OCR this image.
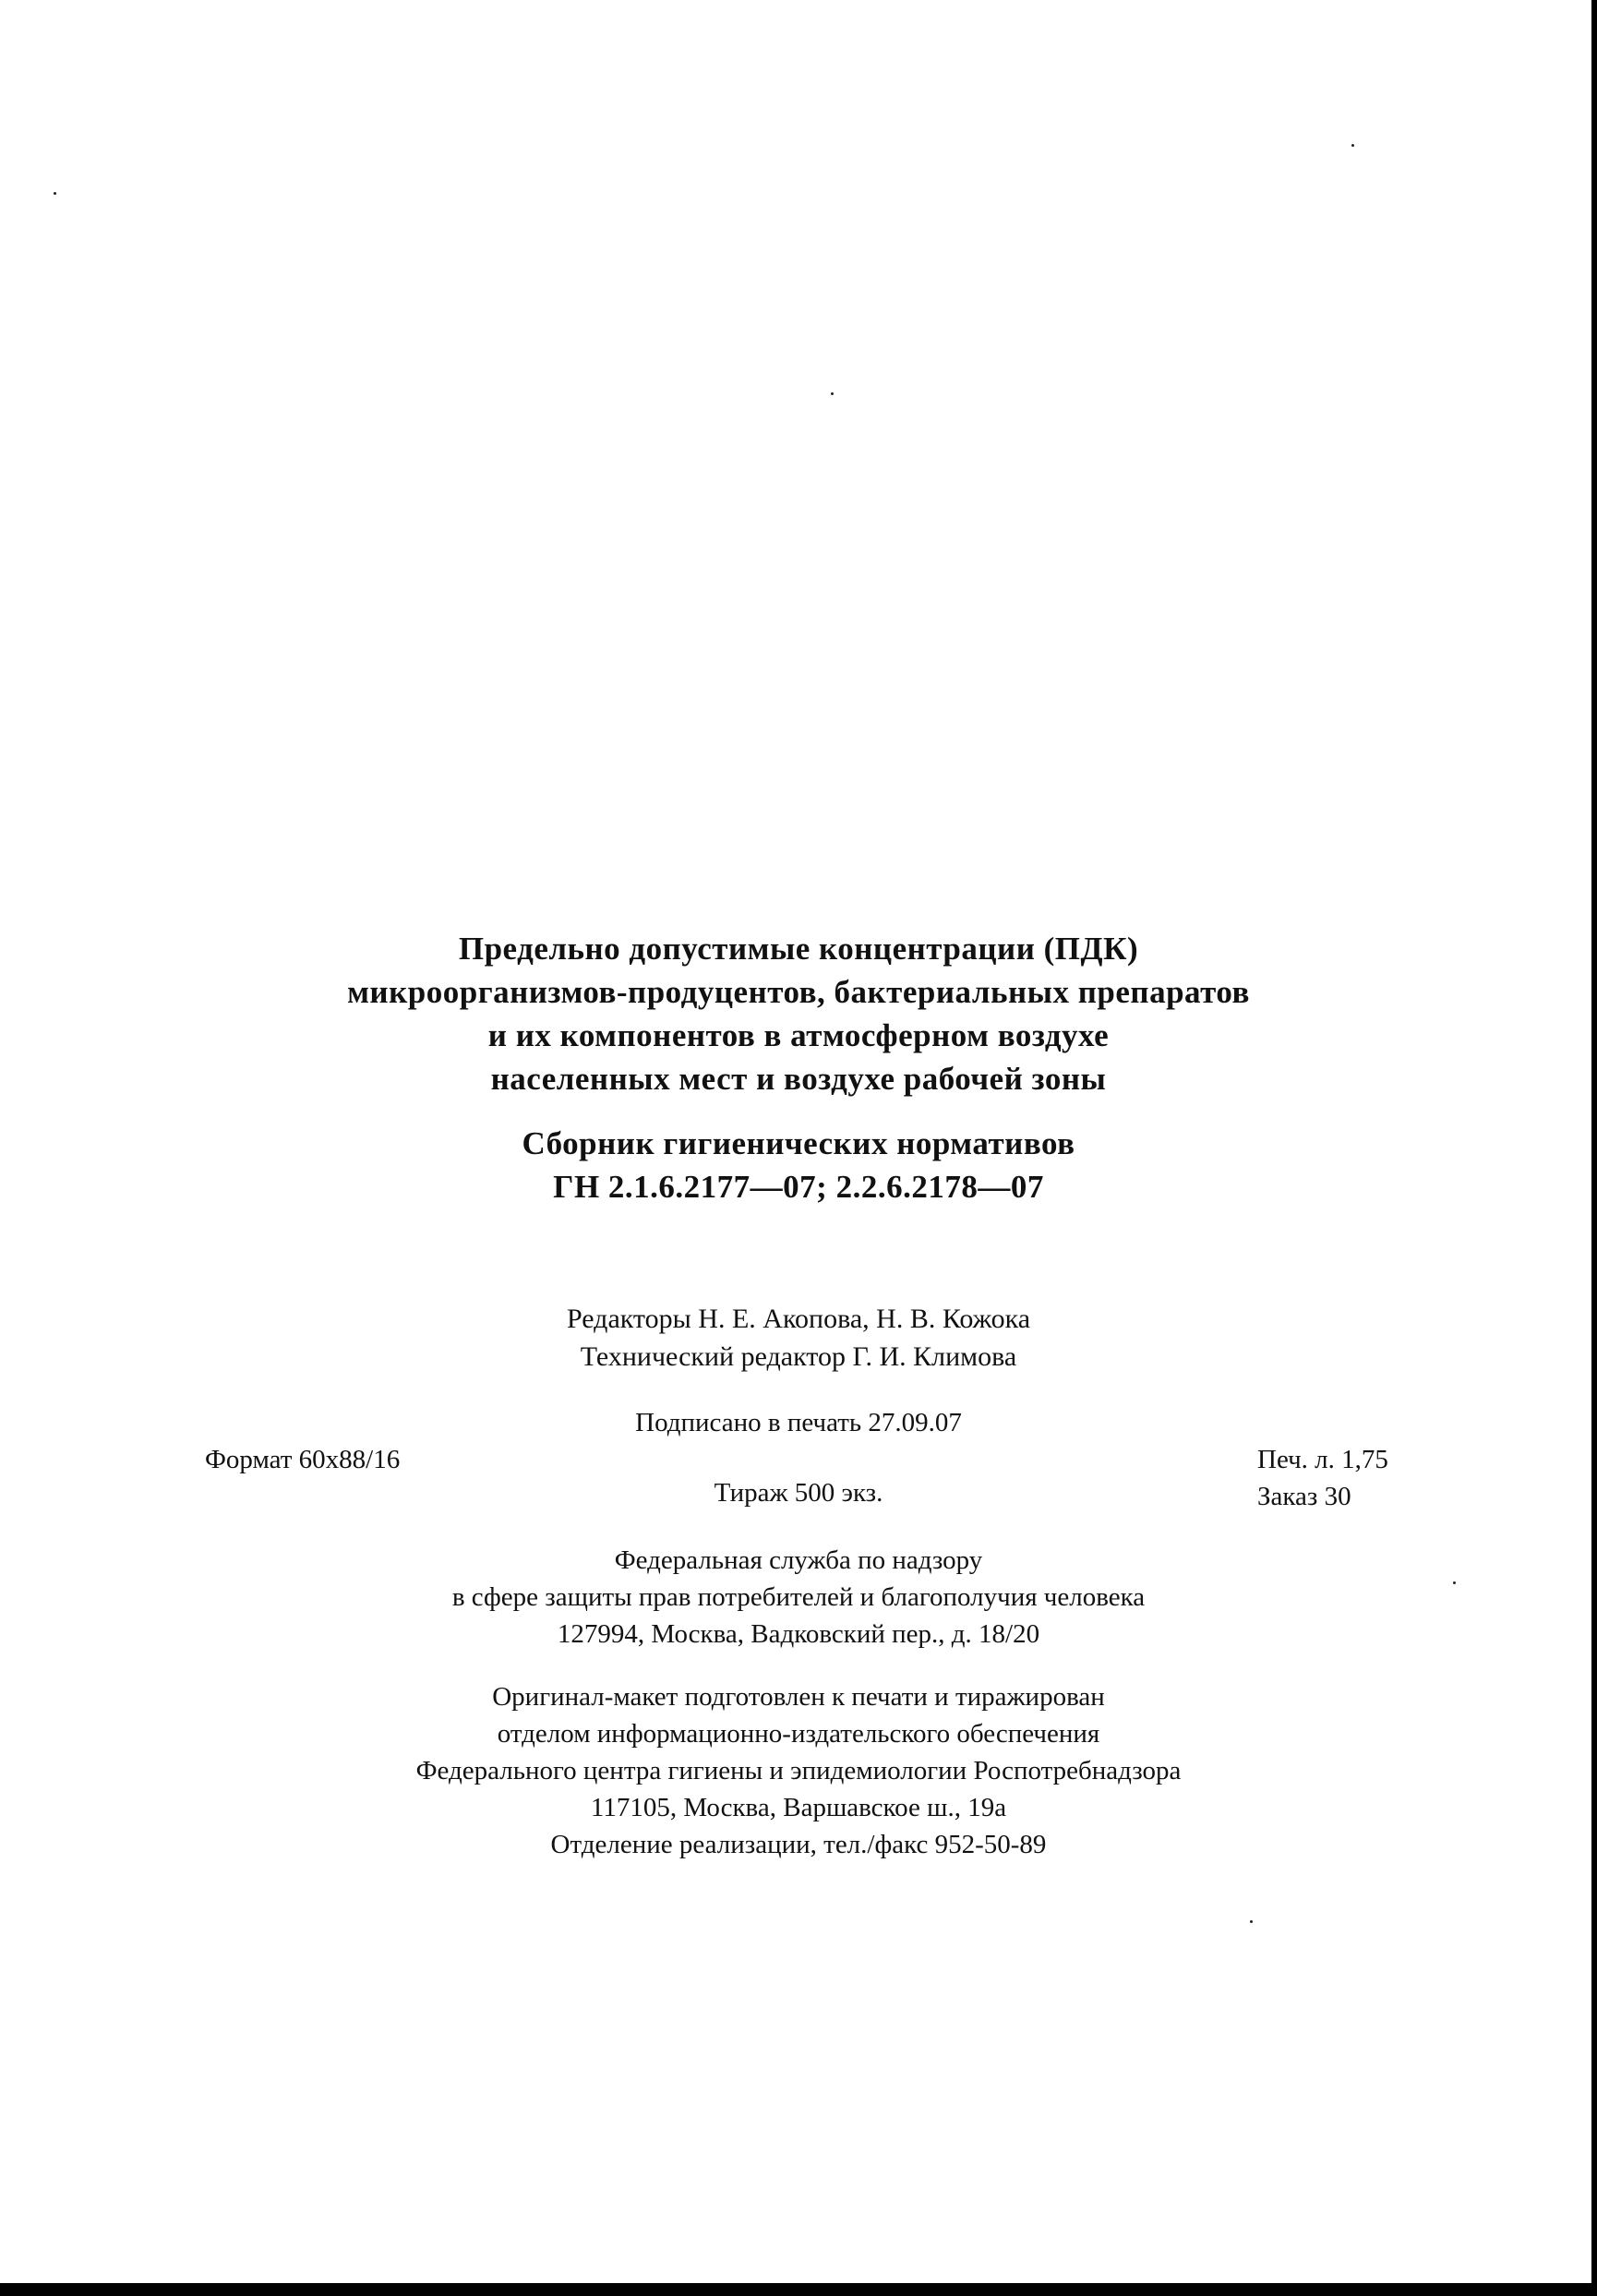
Предельно допустимые концентрации (ПДК)
микроорганизмов-продуцентов, бактериальных препаратов
и их компонентов в атмосферном воздухе
населенных мест и воздухе рабочей зоны
Сборник гигиенических нормативов
ГН 2.1.6.2177—07; 2.2.6.2178—07
Редакторы Н. Е. Акопова, Н. В. Кожока
Технический редактор Г. И. Климова
Подписано в печать 27.09.07
Формат 60x88/16
Тираж 500 экз.
Печ. л. 1,75
Заказ 30
Федеральная служба по надзору
в сфере защиты прав потребителей и благополучия человека
127994, Москва, Вадковский пер., д. 18/20
Оригинал-макет подготовлен к печати и тиражирован
отделом информационно-издательского обеспечения
Федерального центра гигиены и эпидемиологии Роспотребнадзора
117105, Москва, Варшавское ш., 19а
Отделение реализации, тел./факс 952-50-89
